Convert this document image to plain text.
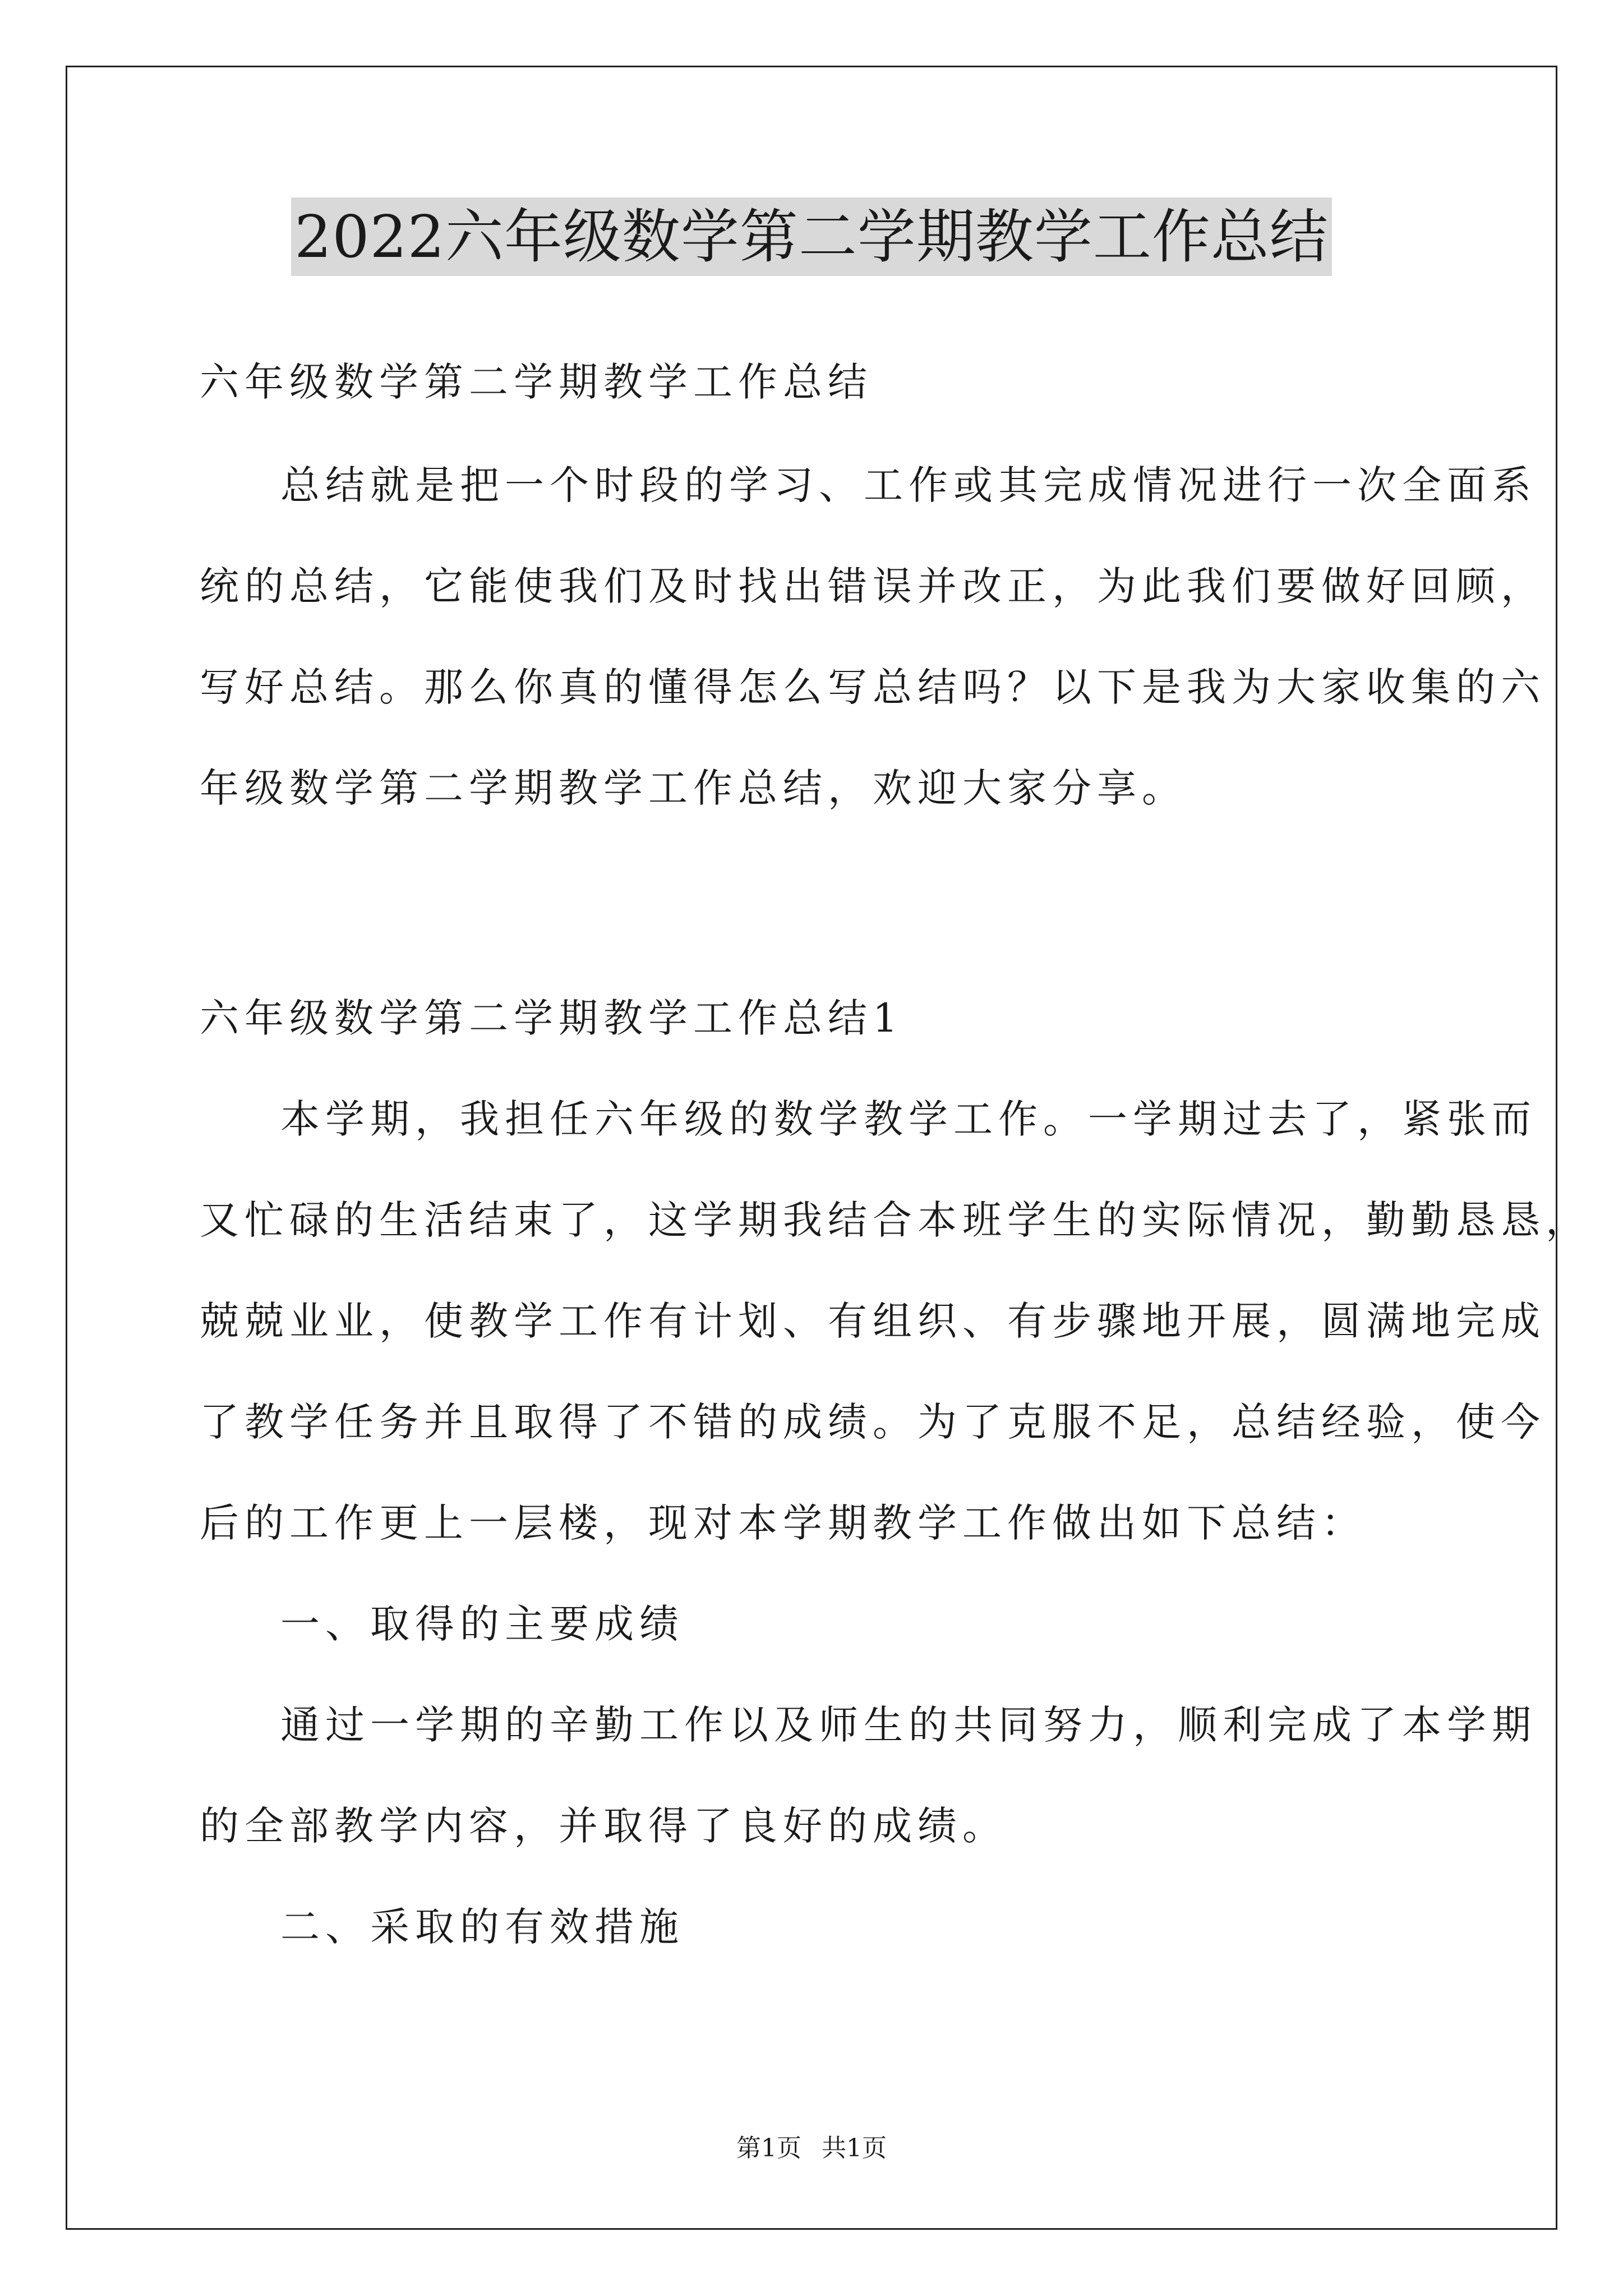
2022六年级数学第二学期教学工作总结
六年级数学第二学期教学工作总结
总结就是把一个时段的学习、工作或其完成情况进行一次全面系
统的总结，它能使我们及时找出错误并改正，为此我们要做好回顾，
写好总结。那么你真的懂得怎么写总结吗？以下是我为大家收集的六
年级数学第二学期教学工作总结，欢迎大家分享。
六年级数学第二学期教学工作总结1
本学期，我担任六年级的数学教学工作。一学期过去了，紧张而
又忙碌的生活结束了，这学期我结合本班学生的实际情况，勤勤恳恳，
兢兢业业，使教学工作有计划、有组织、有步骤地开展，圆满地完成
了教学任务并且取得了不错的成绩。为了克服不足，总结经验，使今
后的工作更上一层楼，现对本学期教学工作做出如下总结：
一、取得的主要成绩
通过一学期的辛勤工作以及师生的共同努力，顺利完成了本学期
的全部教学内容，并取得了良好的成绩。
二、采取的有效措施
第1页 共1页
